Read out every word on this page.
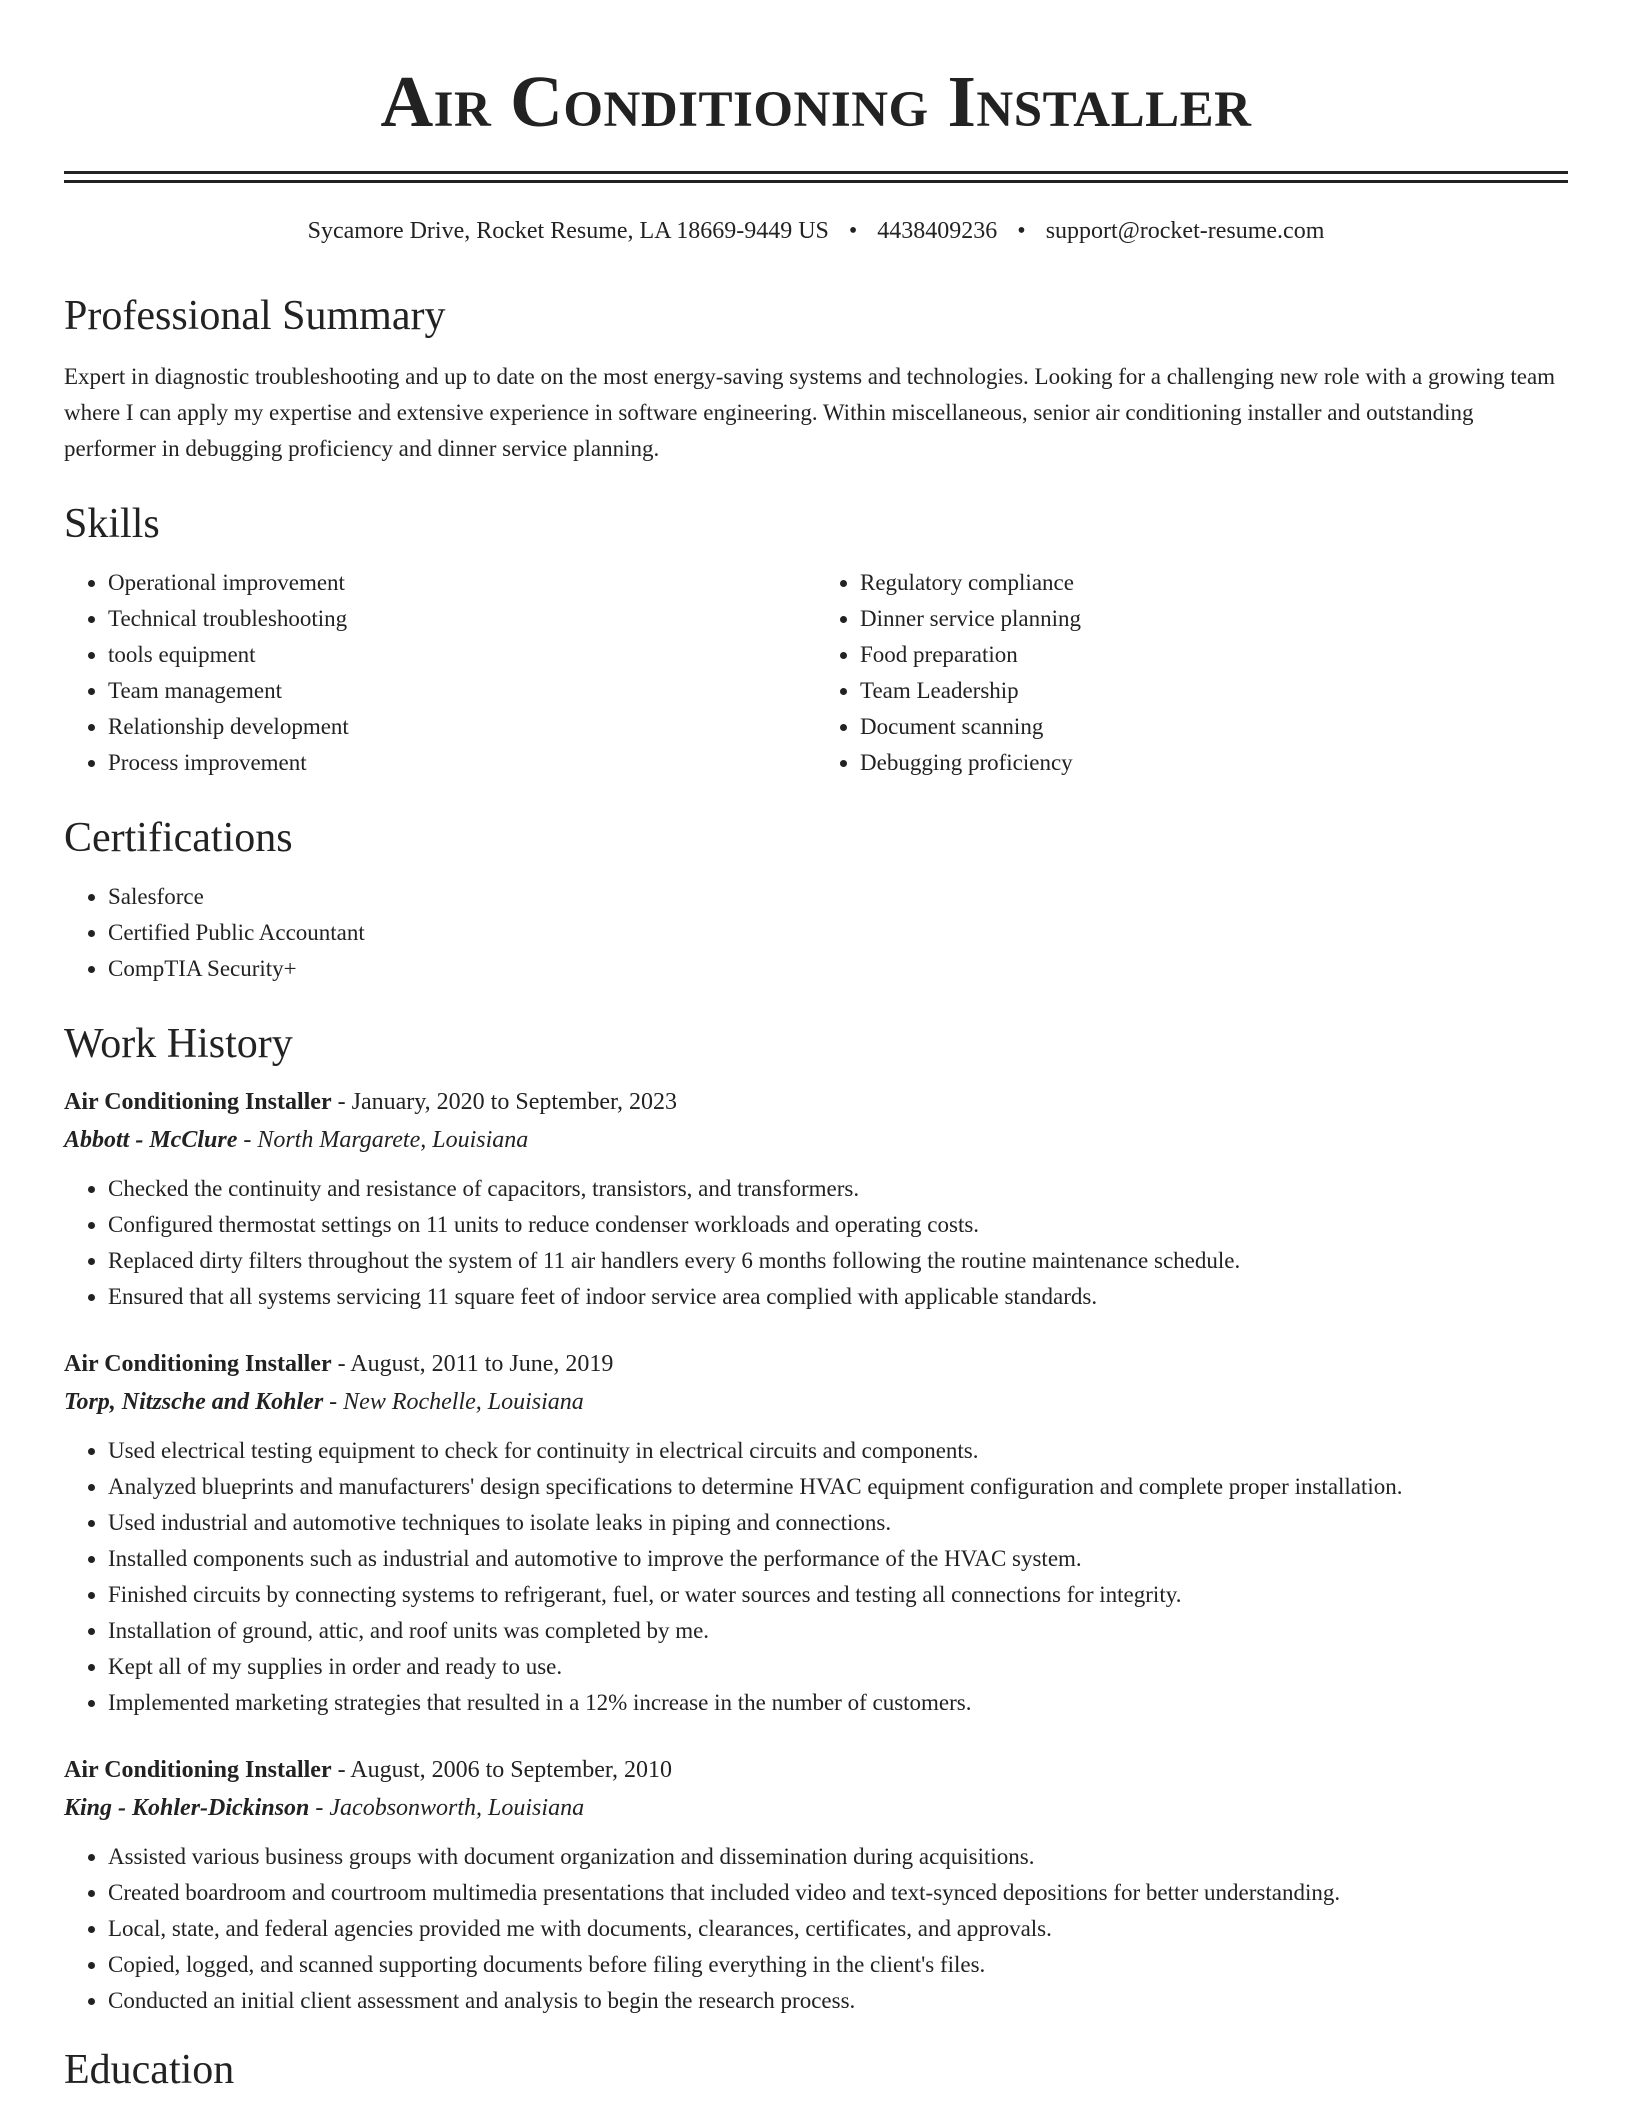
Air Conditioning Installer
Sycamore Drive, Rocket Resume, LA 18669-9449 US • 4438409236 • support@rocket-resume.com
Professional Summary

Expert in diagnostic troubleshooting and up to date on the most energy-saving systems and technologies. Looking for a challenging new role with a growing team where I can apply my expertise and extensive experience in software engineering. Within miscellaneous, senior air conditioning installer and outstanding performer in debugging proficiency and dinner service planning.

Skills
• Operational improvement
• Technical troubleshooting
• tools equipment
• Team management
• Relationship development
• Process improvement
• Regulatory compliance
• Dinner service planning
• Food preparation
• Team Leadership
• Document scanning
• Debugging proficiency
Certifications
• Salesforce
• Certified Public Accountant
• CompTIA Security+
Work History
Air Conditioning Installer - January, 2020 to September, 2023
Abbott - McClure - North Margarete, Louisiana
• Checked the continuity and resistance of capacitors, transistors, and transformers.
• Configured thermostat settings on 11 units to reduce condenser workloads and operating costs.
• Replaced dirty filters throughout the system of 11 air handlers every 6 months following the routine maintenance schedule.
• Ensured that all systems servicing 11 square feet of indoor service area complied with applicable standards.
Air Conditioning Installer - August, 2011 to June, 2019
Torp, Nitzsche and Kohler - New Rochelle, Louisiana
• Used electrical testing equipment to check for continuity in electrical circuits and components.
• Analyzed blueprints and manufacturers' design specifications to determine HVAC equipment configuration and complete proper installation.
• Used industrial and automotive techniques to isolate leaks in piping and connections.
• Installed components such as industrial and automotive to improve the performance of the HVAC system.
• Finished circuits by connecting systems to refrigerant, fuel, or water sources and testing all connections for integrity.
• Installation of ground, attic, and roof units was completed by me.
• Kept all of my supplies in order and ready to use.
• Implemented marketing strategies that resulted in a 12% increase in the number of customers.
Air Conditioning Installer - August, 2006 to September, 2010
King - Kohler-Dickinson - Jacobsonworth, Louisiana
• Assisted various business groups with document organization and dissemination during acquisitions.
• Created boardroom and courtroom multimedia presentations that included video and text-synced depositions for better understanding.
• Local, state, and federal agencies provided me with documents, clearances, certificates, and approvals.
• Copied, logged, and scanned supporting documents before filing everything in the client's files.
• Conducted an initial client assessment and analysis to begin the research process.
Education
